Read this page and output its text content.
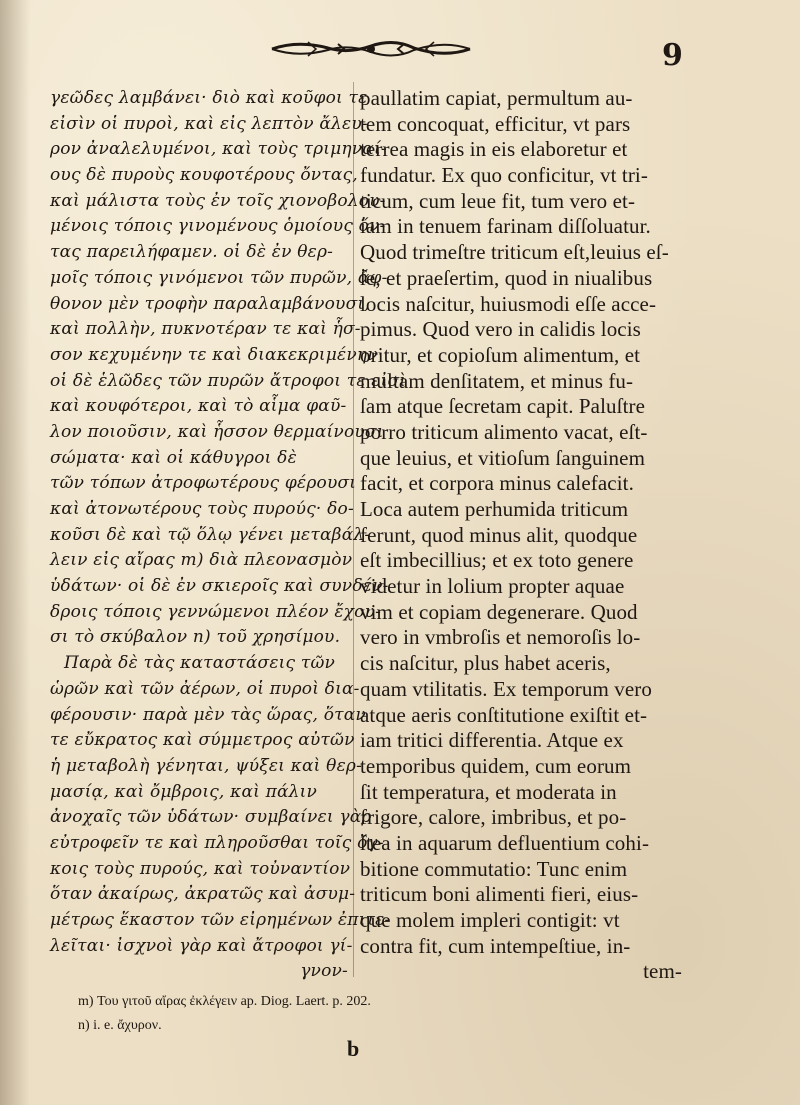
9
γεῶδες λαμβάνει· διὸ καὶ κοῦφοι τε
εἰσὶν οἱ πυροὶ, καὶ εἰς λεπτὸν ἄλευ-
ρον ἀναλελυμένοι, καὶ τοὺς τριμηναί-
ους δὲ πυροὺς κουφοτέρους ὄντας,
καὶ μάλιστα τοὺς ἐν τοῖς χιονοβολου-
μένοις τόποις γινομένους ὁμοίους ὄν-
τας παρειλήφαμεν. οἱ δὲ ἐν θερ-
μοῖς τόποις γινόμενοι τῶν πυρῶν, ἄφ-
θονον μὲν τροφὴν παραλαμβάνουσι,
καὶ πολλὴν, πυκνοτέραν τε καὶ ἧσ-
σον κεχυμένην τε καὶ διακεκριμένην·
οἱ δὲ ἑλῶδες τῶν πυρῶν ἄτροφοι τε εἰσὶ
καὶ κουφότεροι, καὶ τὸ αἷμα φαῦ-
λον ποιοῦσιν, καὶ ἧσσον θερμαίνουσι
σώματα· καὶ οἱ κάθυγροι δὲ
τῶν τόπων ἀτροφωτέρους φέρουσι
καὶ ἀτονωτέρους τοὺς πυρούς· δο-
κοῦσι δὲ καὶ τῷ ὅλῳ γένει μεταβάλ-
λειν εἰς αἴρας m) διὰ πλεονασμὸν
ὑδάτων· οἱ δὲ ἐν σκιεροῖς καὶ συνδέν-
δροις τόποις γεννώμενοι πλέον ἔχου-
σι τὸ σκύβαλον n) τοῦ χρησίμου.
Παρὰ δὲ τὰς καταστάσεις τῶν
ὡρῶν καὶ τῶν ἀέρων, οἱ πυροὶ δια-
φέρουσιν· παρὰ μὲν τὰς ὥρας, ὅταν
τε εὔκρατος καὶ σύμμετρος αὐτῶν
ἡ μεταβολὴ γένηται, ψύξει καὶ θερ-
μασίᾳ, καὶ ὄμβροις, καὶ πάλιν
ἀνοχαῖς τῶν ὑδάτων· συμβαίνει γὰρ
εὐτροφεῖν τε καὶ πληροῦσθαι τοῖς ὄγ-
κοις τοὺς πυρούς, καὶ τοὐναντίον
ὅταν ἀκαίρως, ἀκρατῶς καὶ ἀσυμ-
μέτρως ἕκαστον τῶν εἰρημένων ἐπιτε-
λεῖται· ἰσχνοὶ γὰρ καὶ ἄτροφοι γί-
γνον-
paullatim capiat, permultum au-
tem concoquat, efficitur, vt pars
terrea magis in eis elaboretur et
fundatur. Ex quo conficitur, vt tri-
ticum, cum leue fit, tum vero et-
iam in tenuem farinam diſſoluatur.
Quod trimeſtre triticum eſt,leuius eſ-
ſe, et praeſertim, quod in niualibus
locis naſcitur, huiusmodi eſſe acce-
pimus. Quod vero in calidis locis
oritur, et copioſum alimentum, et
multam denſitatem, et minus fu-
ſam atque ſecretam capit. Paluſtre
porro triticum alimento vacat, eſt-
que leuius, et vitioſum ſanguinem
facit, et corpora minus calefacit.
Loca autem perhumida triticum
ferunt, quod minus alit, quodque
eſt imbecillius; et ex toto genere
videtur in lolium propter aquae
vim et copiam degenerare. Quod
vero in vmbroſis et nemoroſis lo-
cis naſcitur, plus habet aceris,
quam vtilitatis. Ex temporum vero
atque aeris conſtitutione exiſtit et-
iam tritici differentia. Atque ex
temporibus quidem, cum eorum
ſit temperatura, et moderata in
frigore, calore, imbribus, et po-
ſtea in aquarum defluentium cohi-
bitione commutatio: Tunc enim
triticum boni alimenti fieri, eius-
que molem impleri contigit: vt
contra fit, cum intempeſtiue, in-
tem-
m) Του γιτοῦ αἴρας ἐκλέγειν ap. Diog. Laert. p. 202.
n) i. e. ἄχυρον.
b
